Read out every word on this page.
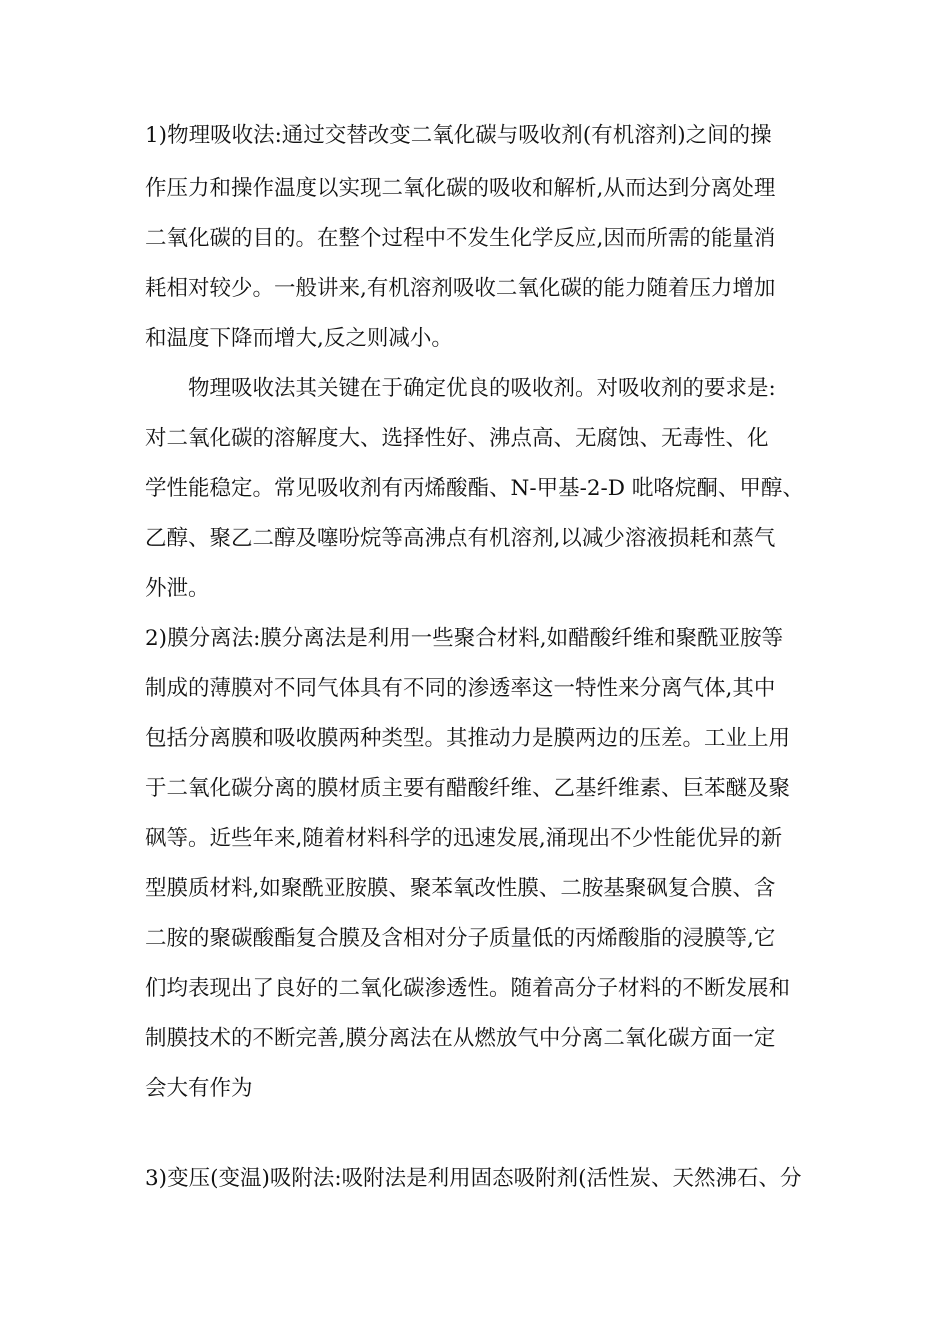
1)物理吸收法:通过交替改变二氧化碳与吸收剂(有机溶剂)之间的操
作压力和操作温度以实现二氧化碳的吸收和解析,从而达到分离处理
二氧化碳的目的。在整个过程中不发生化学反应,因而所需的能量消
耗相对较少。一般讲来,有机溶剂吸收二氧化碳的能力随着压力增加
和温度下降而增大,反之则减小。
物理吸收法其关键在于确定优良的吸收剂。对吸收剂的要求是:
对二氧化碳的溶解度大、选择性好、沸点高、无腐蚀、无毒性、化
学性能稳定。常见吸收剂有丙烯酸酯、N-甲基-2-D 吡咯烷酮、甲醇、
乙醇、聚乙二醇及噻吩烷等高沸点有机溶剂,以减少溶液损耗和蒸气
外泄。
2)膜分离法:膜分离法是利用一些聚合材料,如醋酸纤维和聚酰亚胺等
制成的薄膜对不同气体具有不同的渗透率这一特性来分离气体,其中
包括分离膜和吸收膜两种类型。其推动力是膜两边的压差。工业上用
于二氧化碳分离的膜材质主要有醋酸纤维、乙基纤维素、巨苯醚及聚
砜等。近些年来,随着材料科学的迅速发展,涌现出不少性能优异的新
型膜质材料,如聚酰亚胺膜、聚苯氧改性膜、二胺基聚砜复合膜、含
二胺的聚碳酸酯复合膜及含相对分子质量低的丙烯酸脂的浸膜等,它
们均表现出了良好的二氧化碳渗透性。随着高分子材料的不断发展和
制膜技术的不断完善,膜分离法在从燃放气中分离二氧化碳方面一定
会大有作为
3)变压(变温)吸附法:吸附法是利用固态吸附剂(活性炭、天然沸石、分
